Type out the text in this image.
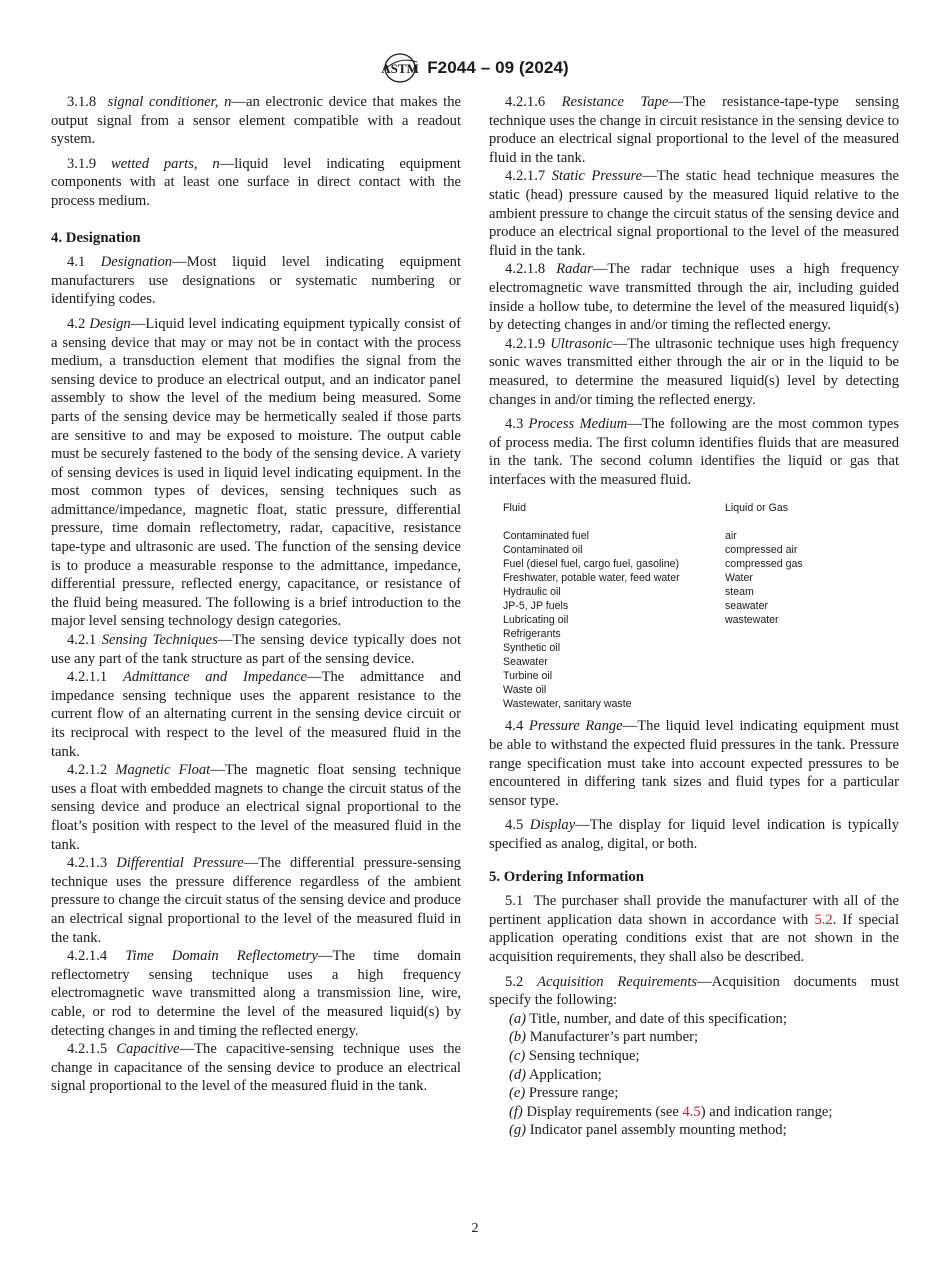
ASTM F2044 – 09 (2024)

3.1.8 signal conditioner, n—an electronic device that makes the output signal from a sensor element compatible with a readout system.

3.1.9 wetted parts, n—liquid level indicating equipment components with at least one surface in direct contact with the process medium.

4. Designation

4.1 Designation—Most liquid level indicating equipment manufacturers use designations or systematic numbering or identifying codes.

4.2 Design—Liquid level indicating equipment typically consist of a sensing device that may or may not be in contact with the process medium, a transduction element that modifies the signal from the sensing device to produce an electrical output, and an indicator panel assembly to show the level of the medium being measured. Some parts of the sensing device may be hermetically sealed if those parts are sensitive to and may be exposed to moisture. The output cable must be securely fastened to the body of the sensing device. A variety of sensing devices is used in liquid level indicating equipment. In the most common types of devices, sensing techniques such as admittance/impedance, magnetic float, static pressure, differential pressure, time domain reflectometry, radar, capacitive, resistance tape-type and ultrasonic are used. The function of the sensing device is to produce a measurable response to the admittance, impedance, differential pressure, reflected energy, capacitance, or resistance of the fluid being measured. The following is a brief introduction to the major level sensing technology design categories.

4.2.1 Sensing Techniques—The sensing device typically does not use any part of the tank structure as part of the sensing device.

4.2.1.1 Admittance and Impedance—The admittance and impedance sensing technique uses the apparent resistance to the current flow of an alternating current in the sensing device circuit or its reciprocal with respect to the level of the measured fluid in the tank.

4.2.1.2 Magnetic Float—The magnetic float sensing technique uses a float with embedded magnets to change the circuit status of the sensing device and produce an electrical signal proportional to the float’s position with respect to the level of the measured fluid in the tank.

4.2.1.3 Differential Pressure—The differential pressure-sensing technique uses the pressure difference regardless of the ambient pressure to change the circuit status of the sensing device and produce an electrical signal proportional to the level of the measured fluid in the tank.

4.2.1.4 Time Domain Reflectometry—The time domain reflectometry sensing technique uses a high frequency electromagnetic wave transmitted along a transmission line, wire, cable, or rod to determine the level of the measured liquid(s) by detecting changes in and timing the reflected energy.

4.2.1.5 Capacitive—The capacitive-sensing technique uses the change in capacitance of the sensing device to produce an electrical signal proportional to the level of the measured fluid in the tank.

4.2.1.6 Resistance Tape—The resistance-tape-type sensing technique uses the change in circuit resistance in the sensing device to produce an electrical signal proportional to the level of the measured fluid in the tank.

4.2.1.7 Static Pressure—The static head technique measures the static (head) pressure caused by the measured liquid relative to the ambient pressure to change the circuit status of the sensing device and produce an electrical signal proportional to the level of the measured fluid in the tank.

4.2.1.8 Radar—The radar technique uses a high frequency electromagnetic wave transmitted through the air, including guided inside a hollow tube, to determine the level of the measured liquid(s) by detecting changes in and/or timing the reflected energy.

4.2.1.9 Ultrasonic—The ultrasonic technique uses high frequency sonic waves transmitted either through the air or in the liquid to be measured, to determine the measured liquid(s) level by detecting changes in and/or timing the reflected energy.

4.3 Process Medium—The following are the most common types of process media. The first column identifies fluids that are measured in the tank. The second column identifies the liquid or gas that interfaces with the measured fluid.

Fluid	Liquid or Gas

Contaminated fuel	air
Contaminated oil	compressed air
Fuel (diesel fuel, cargo fuel, gasoline)	compressed gas
Freshwater, potable water, feed water	Water
Hydraulic oil	steam
JP-5, JP fuels	seawater
Lubricating oil	wastewater
Refrigerants	
Synthetic oil	
Seawater	
Turbine oil	
Waste oil	
Wastewater, sanitary waste	

4.4 Pressure Range—The liquid level indicating equipment must be able to withstand the expected fluid pressures in the tank. Pressure range specification must take into account expected pressures to be encountered in differing tank sizes and fluid types for a particular sensor type.

4.5 Display—The display for liquid level indication is typically specified as analog, digital, or both.

5. Ordering Information

5.1 The purchaser shall provide the manufacturer with all of the pertinent application data shown in accordance with 5.2. If special application operating conditions exist that are not shown in the acquisition requirements, they shall also be described.

5.2 Acquisition Requirements—Acquisition documents must specify the following:

(a) Title, number, and date of this specification;
(b) Manufacturer’s part number;
(c) Sensing technique;
(d) Application;
(e) Pressure range;
(f) Display requirements (see 4.5) and indication range;
(g) Indicator panel assembly mounting method;
2
